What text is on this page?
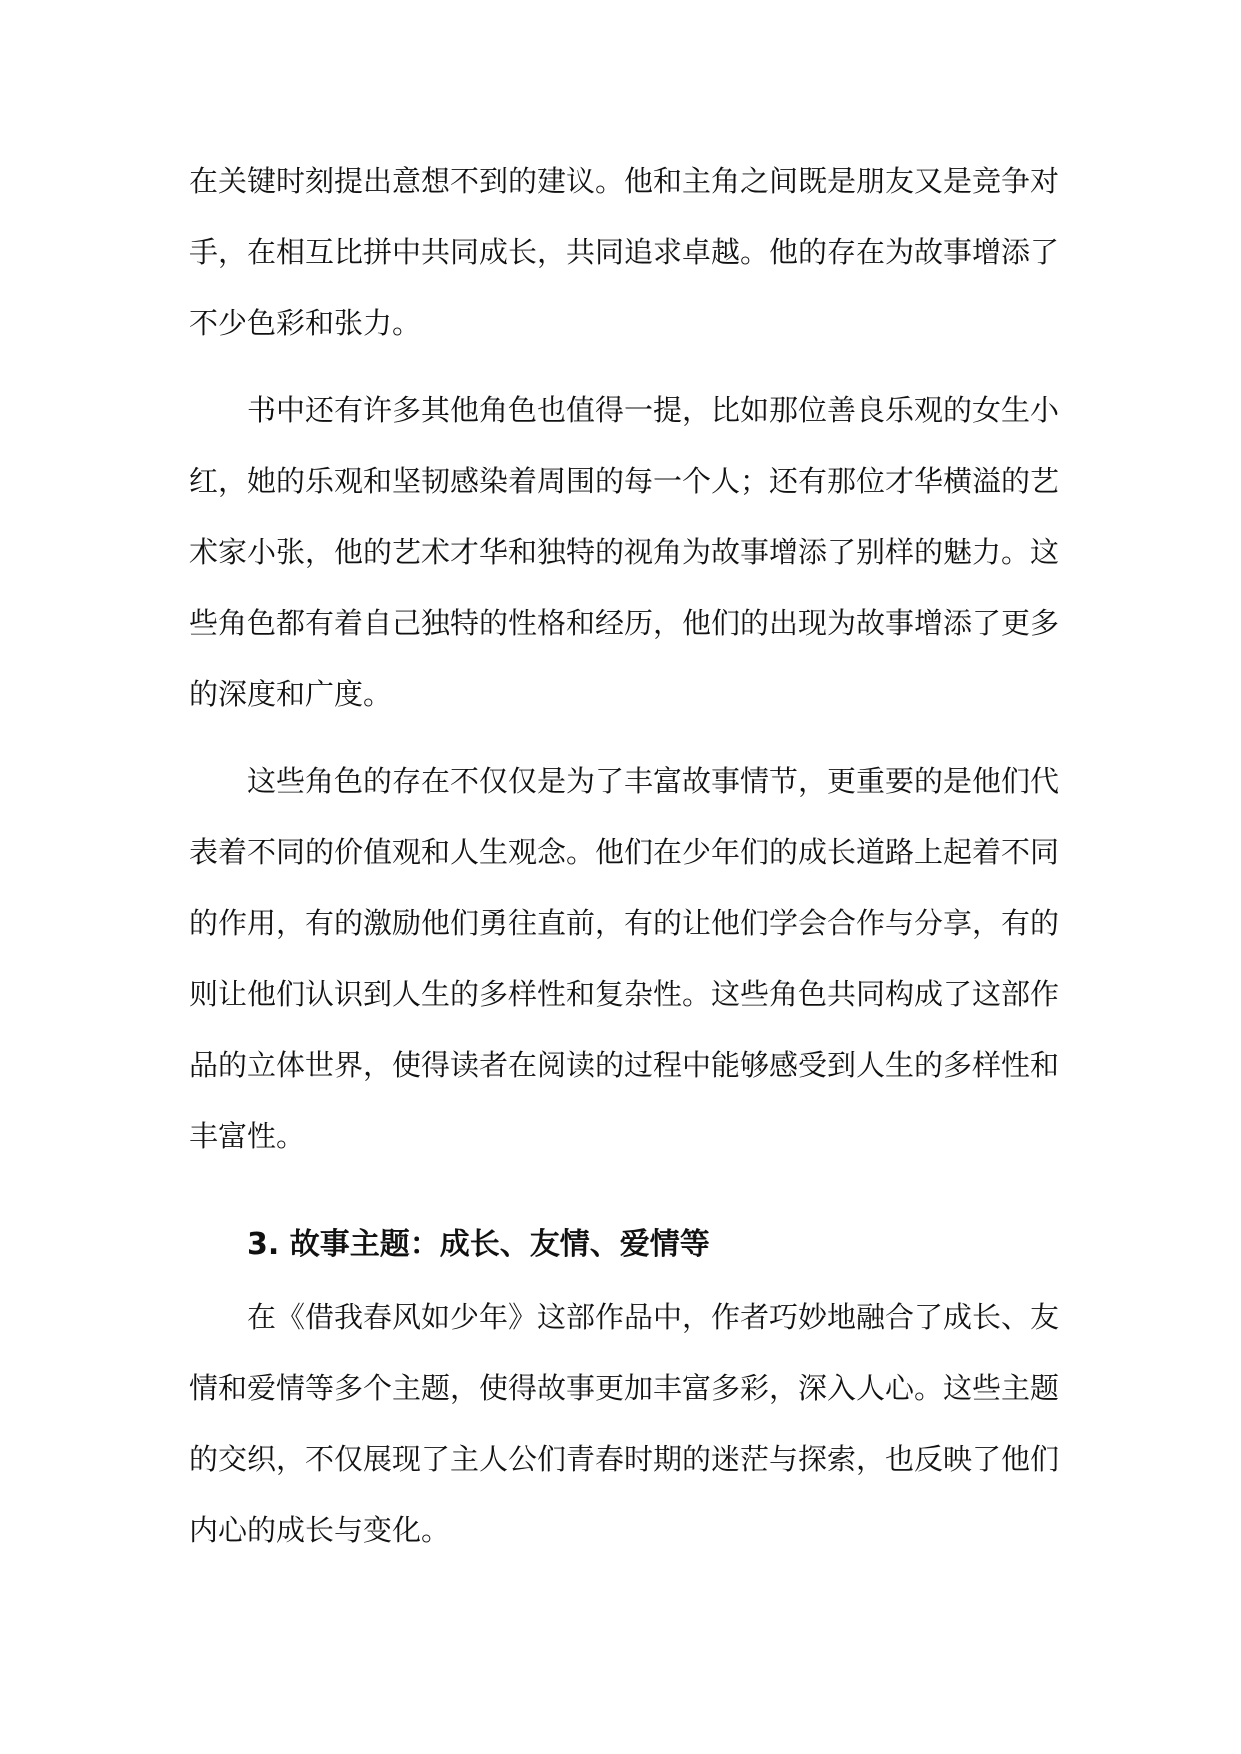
在关键时刻提出意想不到的建议。他和主角之间既是朋友又是竞争对
手，在相互比拼中共同成长，共同追求卓越。他的存在为故事增添了
不少色彩和张力。
书中还有许多其他角色也值得一提，比如那位善良乐观的女生小
红，她的乐观和坚韧感染着周围的每一个人；还有那位才华横溢的艺
术家小张，他的艺术才华和独特的视角为故事增添了别样的魅力。这
些角色都有着自己独特的性格和经历，他们的出现为故事增添了更多
的深度和广度。
这些角色的存在不仅仅是为了丰富故事情节，更重要的是他们代
表着不同的价值观和人生观念。他们在少年们的成长道路上起着不同
的作用，有的激励他们勇往直前，有的让他们学会合作与分享，有的
则让他们认识到人生的多样性和复杂性。这些角色共同构成了这部作
品的立体世界，使得读者在阅读的过程中能够感受到人生的多样性和
丰富性。
3. 故事主题：成长、友情、爱情等
在《借我春风如少年》这部作品中，作者巧妙地融合了成长、友
情和爱情等多个主题，使得故事更加丰富多彩，深入人心。这些主题
的交织，不仅展现了主人公们青春时期的迷茫与探索，也反映了他们
内心的成长与变化。
